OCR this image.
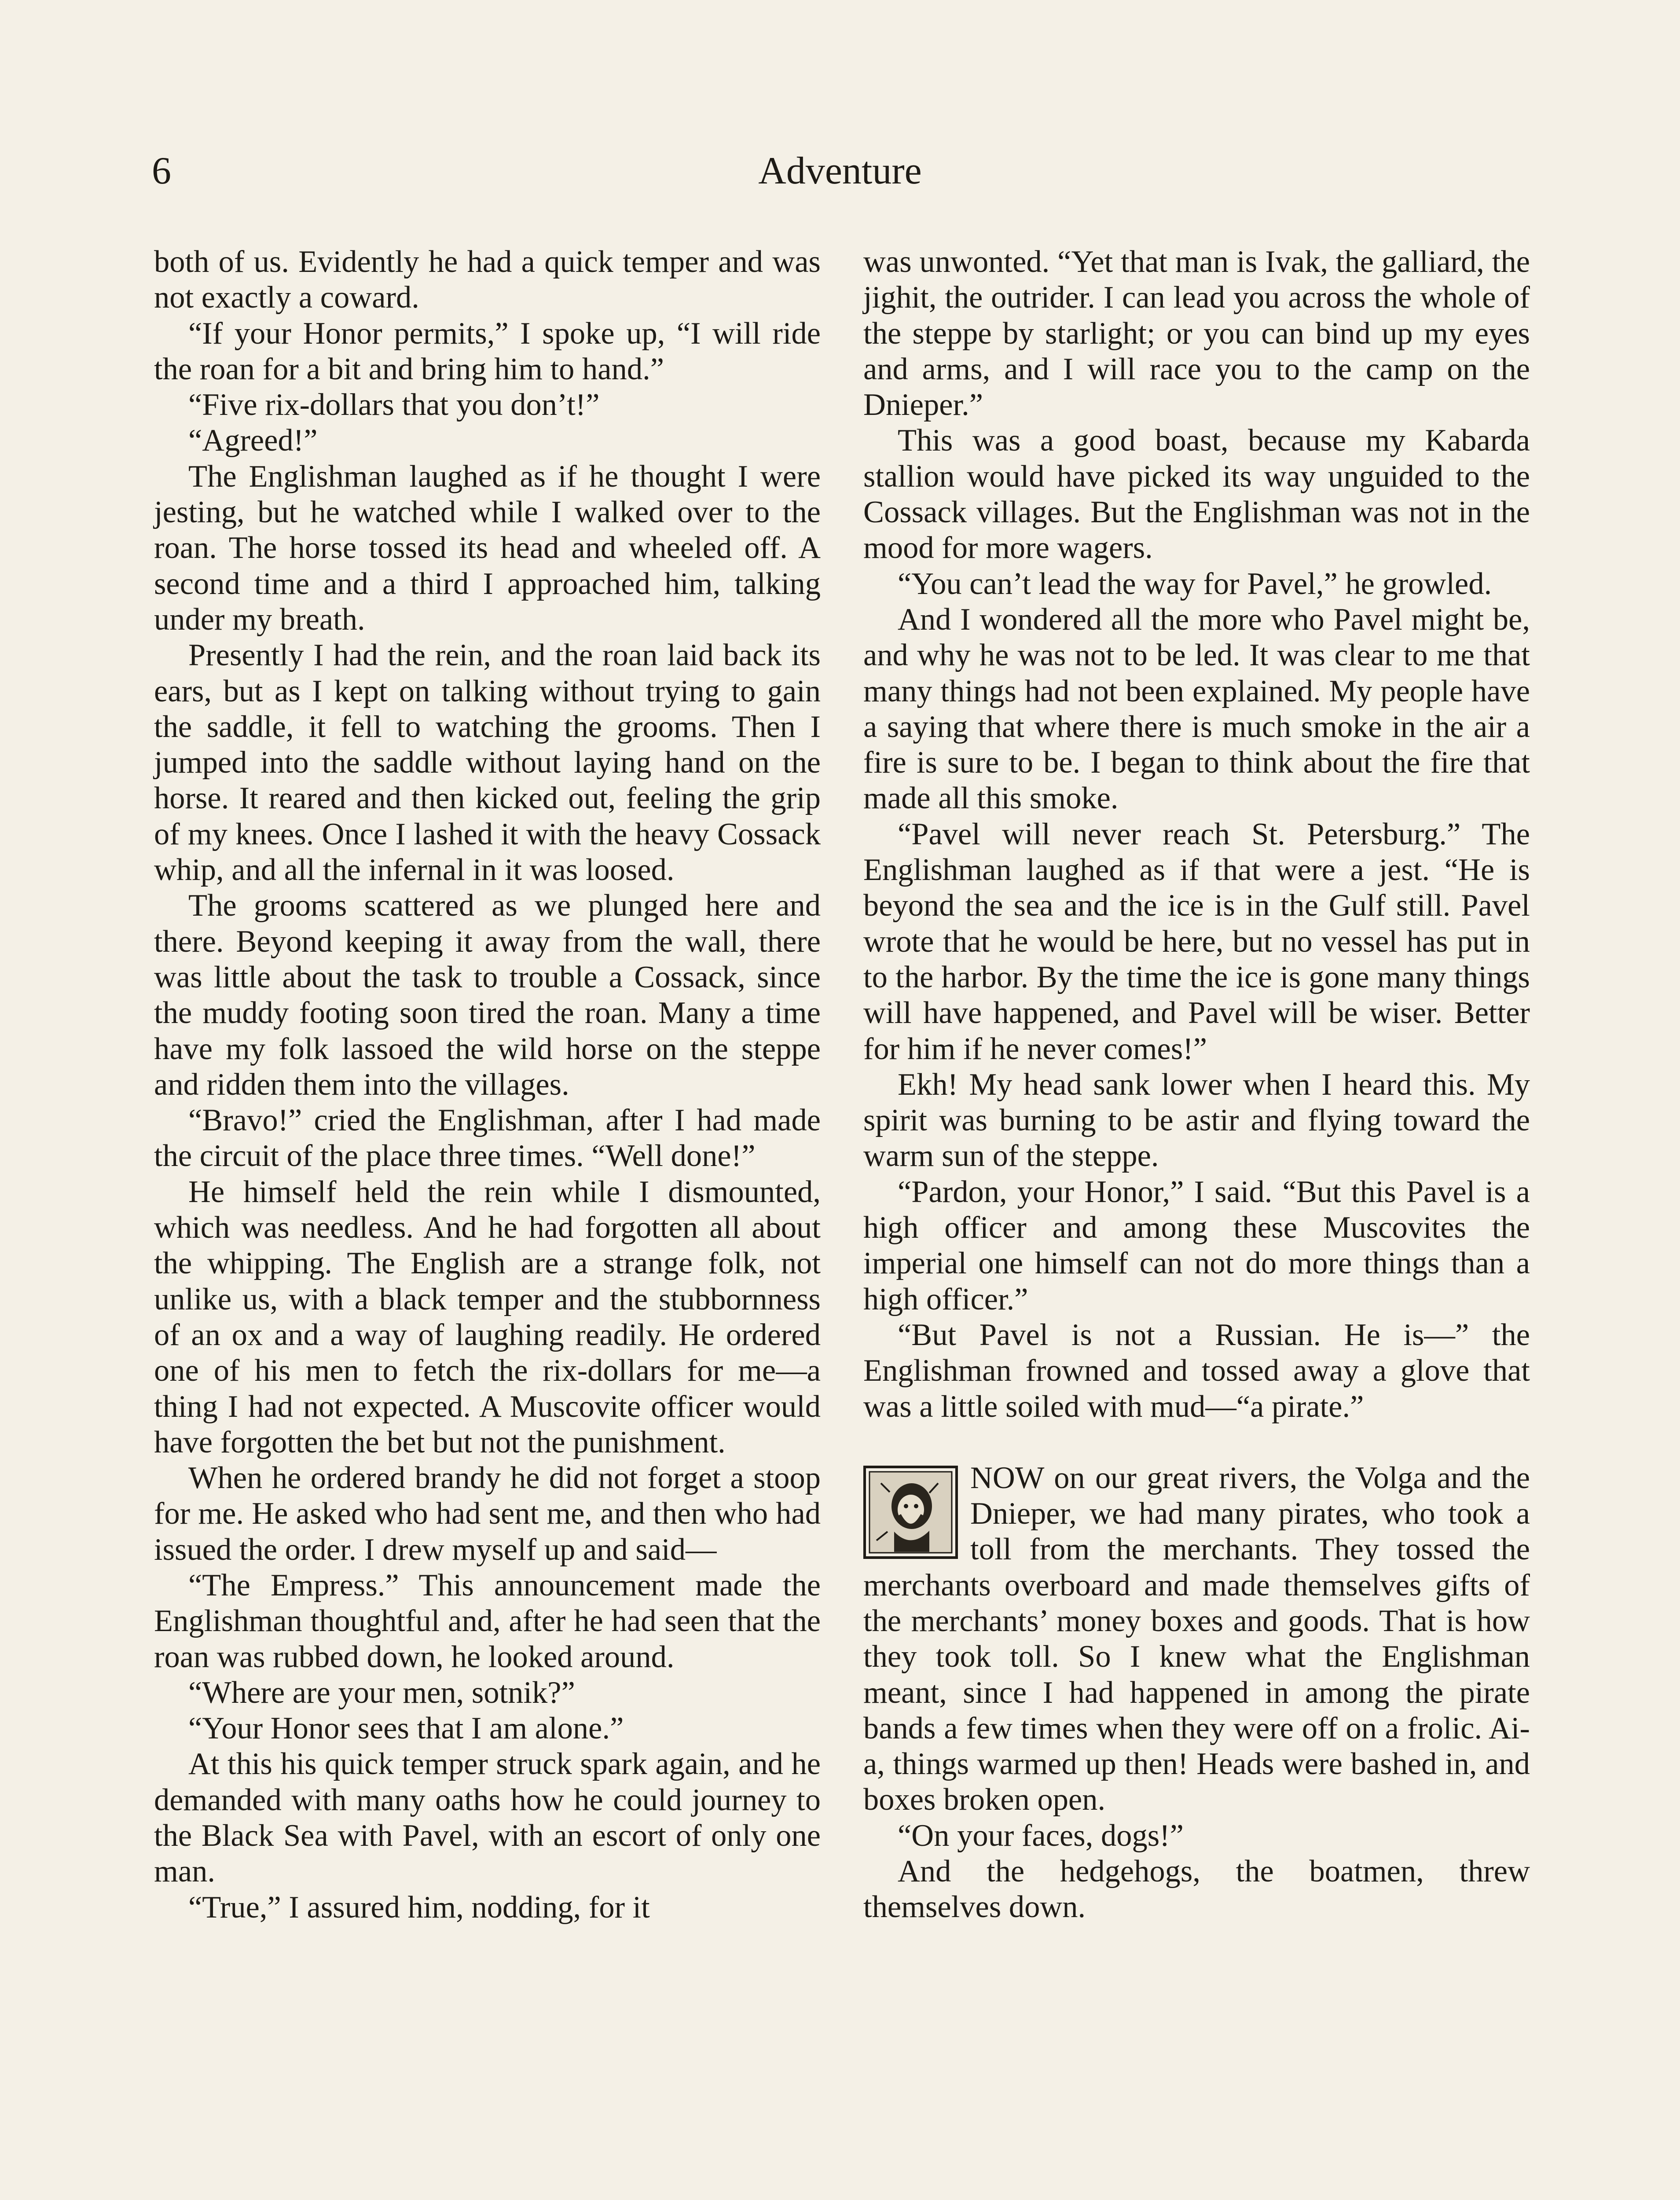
6	Adventure

both of us. Evidently he had a quick temper and was not exactly a coward.

“If your Honor permits,” I spoke up, “I will ride the roan for a bit and bring him to hand.”

“Five rix-dollars that you don’t!”

“Agreed!”

The Englishman laughed as if he thought I were jesting, but he watched while I walked over to the roan. The horse tossed its head and wheeled off. A second time and a third I approached him, talking under my breath.

Presently I had the rein, and the roan laid back its ears, but as I kept on talking without trying to gain the saddle, it fell to watching the grooms. Then I jumped into the saddle without laying hand on the horse. It reared and then kicked out, feeling the grip of my knees. Once I lashed it with the heavy Cossack whip, and all the infernal in it was loosed.

The grooms scattered as we plunged here and there. Beyond keeping it away from the wall, there was little about the task to trouble a Cossack, since the muddy footing soon tired the roan. Many a time have my folk lassoed the wild horse on the steppe and ridden them into the villages.

“Bravo!” cried the Englishman, after I had made the circuit of the place three times. “Well done!”

He himself held the rein while I dismounted, which was needless. And he had forgotten all about the whipping. The English are a strange folk, not unlike us, with a black temper and the stubbornness of an ox and a way of laughing readily. He ordered one of his men to fetch the rix-dollars for me—a thing I had not expected. A Muscovite officer would have forgotten the bet but not the punishment.

When he ordered brandy he did not forget a stoop for me. He asked who had sent me, and then who had issued the order. I drew myself up and said—

“The Empress.” This announcement made the Englishman thoughtful and, after he had seen that the roan was rubbed down, he looked around.

“Where are your men, sotnik?”

“Your Honor sees that I am alone.”

At this his quick temper struck spark again, and he demanded with many oaths how he could journey to the Black Sea with Pavel, with an escort of only one man.

“True,” I assured him, nodding, for it

was unwonted. “Yet that man is Ivak, the galliard, the jighit, the outrider. I can lead you across the whole of the steppe by starlight; or you can bind up my eyes and arms, and I will race you to the camp on the Dnieper.”

This was a good boast, because my Kabarda stallion would have picked its way unguided to the Cossack villages. But the Englishman was not in the mood for more wagers.

“You can’t lead the way for Pavel,” he growled.

And I wondered all the more who Pavel might be, and why he was not to be led. It was clear to me that many things had not been explained. My people have a saying that where there is much smoke in the air a fire is sure to be. I began to think about the fire that made all this smoke.

“Pavel will never reach St. Petersburg.” The Englishman laughed as if that were a jest. “He is beyond the sea and the ice is in the Gulf still. Pavel wrote that he would be here, but no vessel has put in to the harbor. By the time the ice is gone many things will have happened, and Pavel will be wiser. Better for him if he never comes!”

Ekh! My head sank lower when I heard this. My spirit was burning to be astir and flying toward the warm sun of the steppe.

“Pardon, your Honor,” I said. “But this Pavel is a high officer and among these Muscovites the imperial one himself can not do more things than a high officer.”

“But Pavel is not a Russian. He is—” the Englishman frowned and tossed away a glove that was a little soiled with mud—“a pirate.”

NOW on our great rivers, the Volga and the Dnieper, we had many pirates, who took a toll from the merchants. They tossed the merchants overboard and made themselves gifts of the merchants’ money boxes and goods. That is how they took toll. So I knew what the Englishman meant, since I had happened in among the pirate bands a few times when they were off on a frolic. Ai-a, things warmed up then! Heads were bashed in, and boxes broken open.

“On your faces, dogs!”

And the hedgehogs, the boatmen, threw themselves down.
